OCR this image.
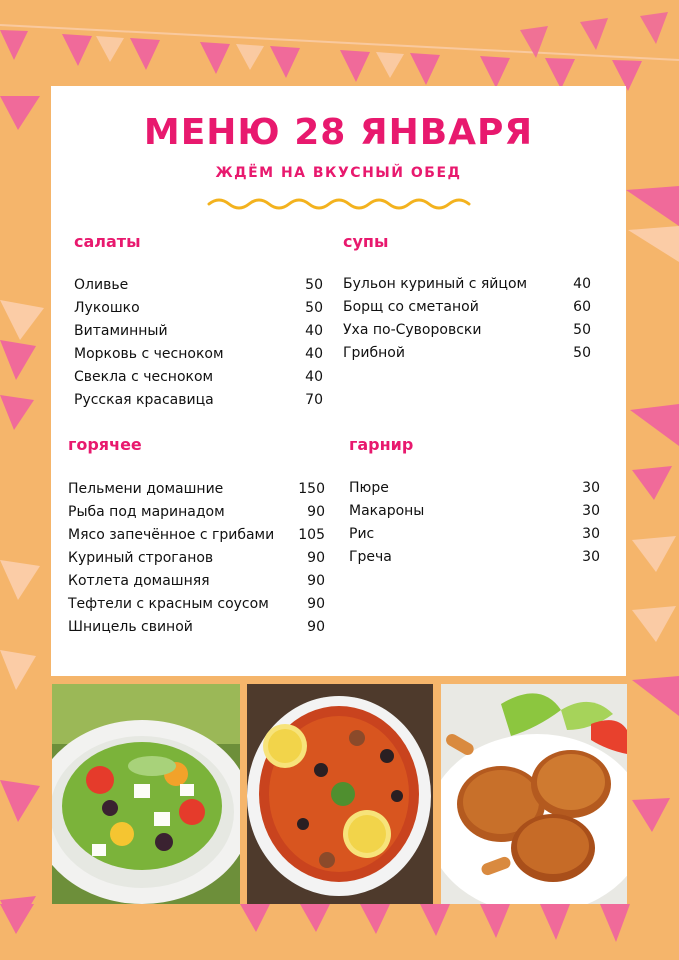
МЕНЮ 28 ЯНВАРЯ
ЖДЁМ НА ВКУСНЫЙ ОБЕД
салаты
Оливье	50
Лукошко	50
Витаминный	40
Морковь с чесноком	40
Свекла с чесноком	40
Русская красавица	70
супы
Бульон куриный с яйцом	40
Борщ со сметаной	60
Уха по-Суворовски	50
Грибной	50
горячее
Пельмени домашние	150
Рыба под маринадом	90
Мясо запечённое с грибами 105
Куриный строганов	90
Котлета домашняя	90
Тефтели с красным соусом	90
Шницель свиной	90
гарнир
Пюре	30
Макароны	30
Рис	30
Греча	30
